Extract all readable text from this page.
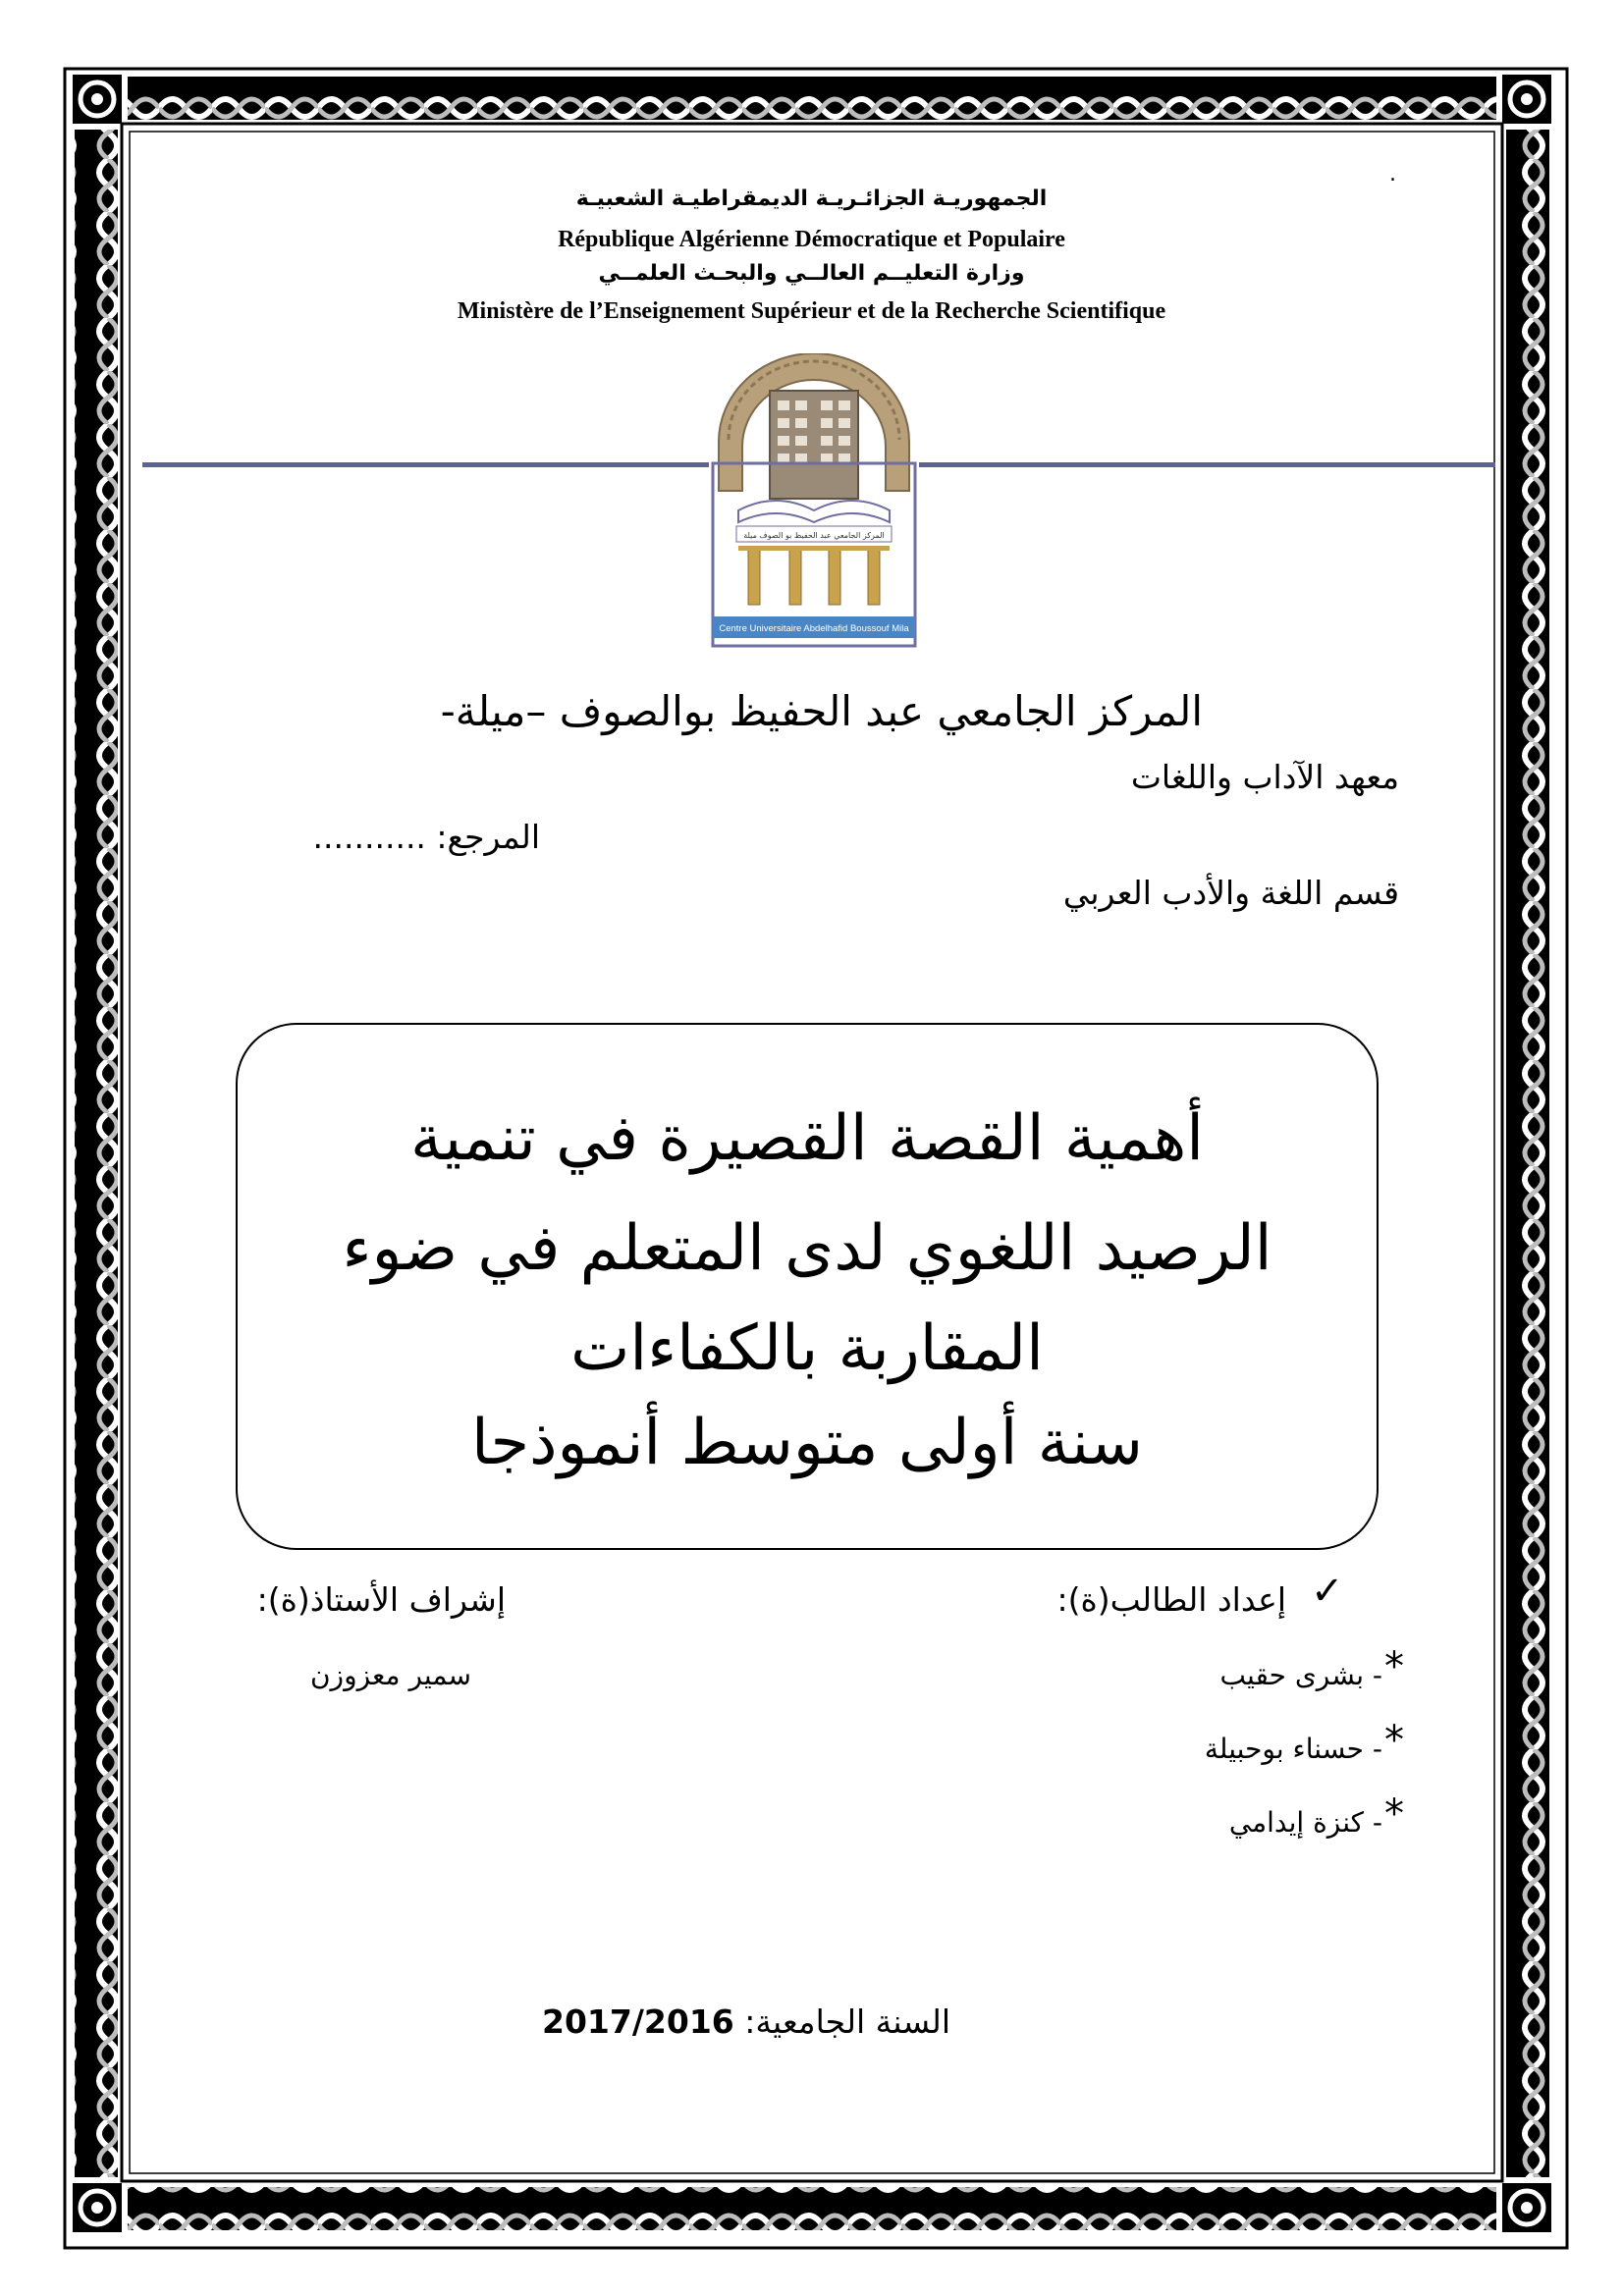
.
الجمهوريـة الجزائـريـة الديمقراطيـة الشعبيـة
République Algérienne Démocratique et Populaire
وزارة التعليــم العالــي والبحـث العلمــي
Ministère de l’Enseignement Supérieur et de la Recherche Scientifique
المركز الجامعي عبد الحفيظ بو الصوف ميلة
Centre Universitaire Abdelhafid Boussouf Mila
المركز الجامعي عبد الحفيظ بوالصوف –ميلة-
معهد الآداب واللغات
المرجع: ...........
قسم اللغة والأدب العربي
أهمية القصة القصيرة في تنمية
الرصيد اللغوي لدى المتعلم في ضوء
المقاربة بالكفاءات
سنة أولى متوسط أنموذجا
✓
إعداد الطالب(ة):
*
- بشرى حقيب
*
- حسناء بوحبيلة
*
- كنزة إيدامي
إشراف الأستاذ(ة):
سمير معزوزن
السنة الجامعية: 2017/2016
